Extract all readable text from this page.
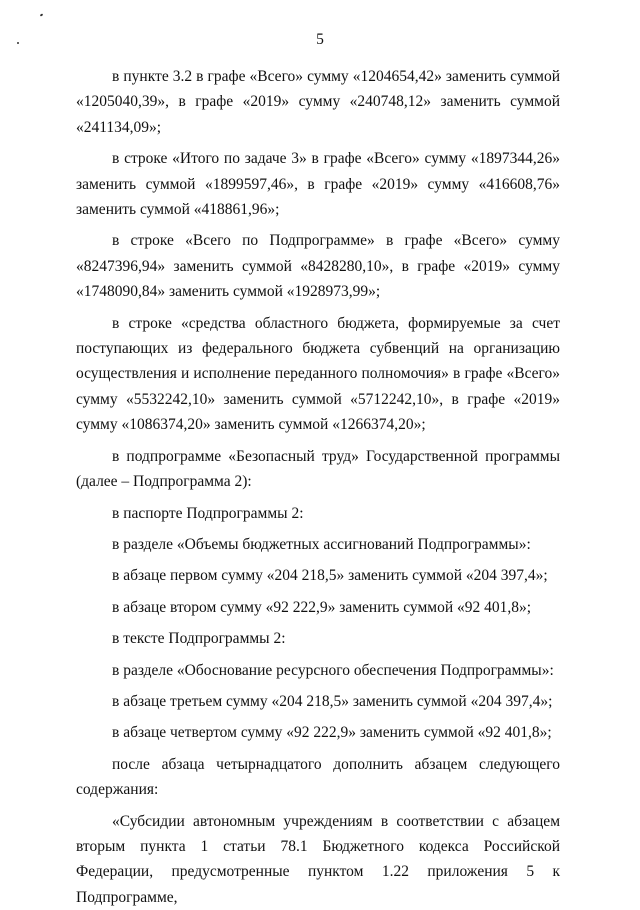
5

в пункте 3.2 в графе «Всего» сумму «1204654,42» заменить суммой «1205040,39», в графе «2019» сумму «240748,12» заменить суммой «241134,09»;

в строке «Итого по задаче 3» в графе «Всего» сумму «1897344,26» заменить суммой «1899597,46», в графе «2019» сумму «416608,76» заменить суммой «418861,96»;

в строке «Всего по Подпрограмме» в графе «Всего» сумму «8247396,94» заменить суммой «8428280,10», в графе «2019» сумму «1748090,84» заменить суммой «1928973,99»;

в строке «средства областного бюджета, формируемые за счет поступающих из федерального бюджета субвенций на организацию осуществления и исполнение переданного полномочия» в графе «Всего» сумму «5532242,10» заменить суммой «5712242,10», в графе «2019» сумму «1086374,20» заменить суммой «1266374,20»;

в подпрограмме «Безопасный труд» Государственной программы (далее – Подпрограмма 2):

в паспорте Подпрограммы 2:

в разделе «Объемы бюджетных ассигнований Подпрограммы»:

в абзаце первом сумму «204 218,5» заменить суммой «204 397,4»;

в абзаце втором сумму «92 222,9» заменить суммой «92 401,8»;

в тексте Подпрограммы 2:

в разделе «Обоснование ресурсного обеспечения Подпрограммы»:

в абзаце третьем сумму «204 218,5» заменить суммой «204 397,4»;

в абзаце четвертом сумму «92 222,9» заменить суммой «92 401,8»;

после абзаца четырнадцатого дополнить абзацем следующего содержания:

«Субсидии автономным учреждениям в соответствии с абзацем вторым пункта 1 статьи 78.1 Бюджетного кодекса Российской Федерации, предусмотренные пунктом 1.22 приложения 5 к Подпрограмме,
